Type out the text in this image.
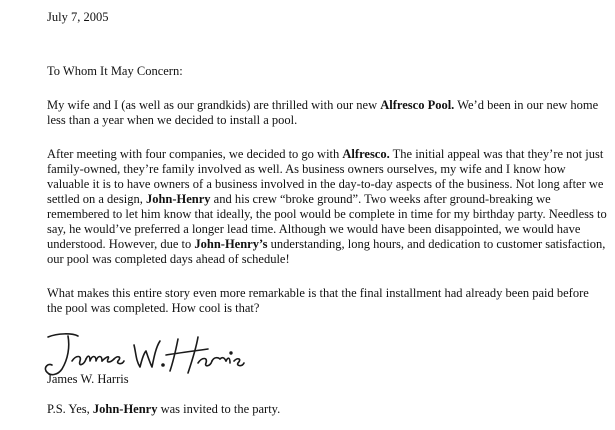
July 7, 2005
To Whom It May Concern:
My wife and I (as well as our grandkids) are thrilled with our new Alfresco Pool. We’d been in our new home less than a year when we decided to install a pool.
After meeting with four companies, we decided to go with Alfresco. The initial appeal was that they’re not just family-owned, they’re family involved as well. As business owners ourselves, my wife and I know how valuable it is to have owners of a business involved in the day-to-day aspects of the business. Not long after we settled on a design, John-Henry and his crew “broke ground”. Two weeks after ground-breaking we remembered to let him know that ideally, the pool would be complete in time for my birthday party. Needless to say, he would’ve preferred a longer lead time. Although we would have been disappointed, we would have understood. However, due to John-Henry’s understanding, long hours, and dedication to customer satisfaction, our pool was completed days ahead of schedule!
What makes this entire story even more remarkable is that the final installment had already been paid before the pool was completed. How cool is that?
James W. Harris
P.S. Yes, John-Henry was invited to the party.
